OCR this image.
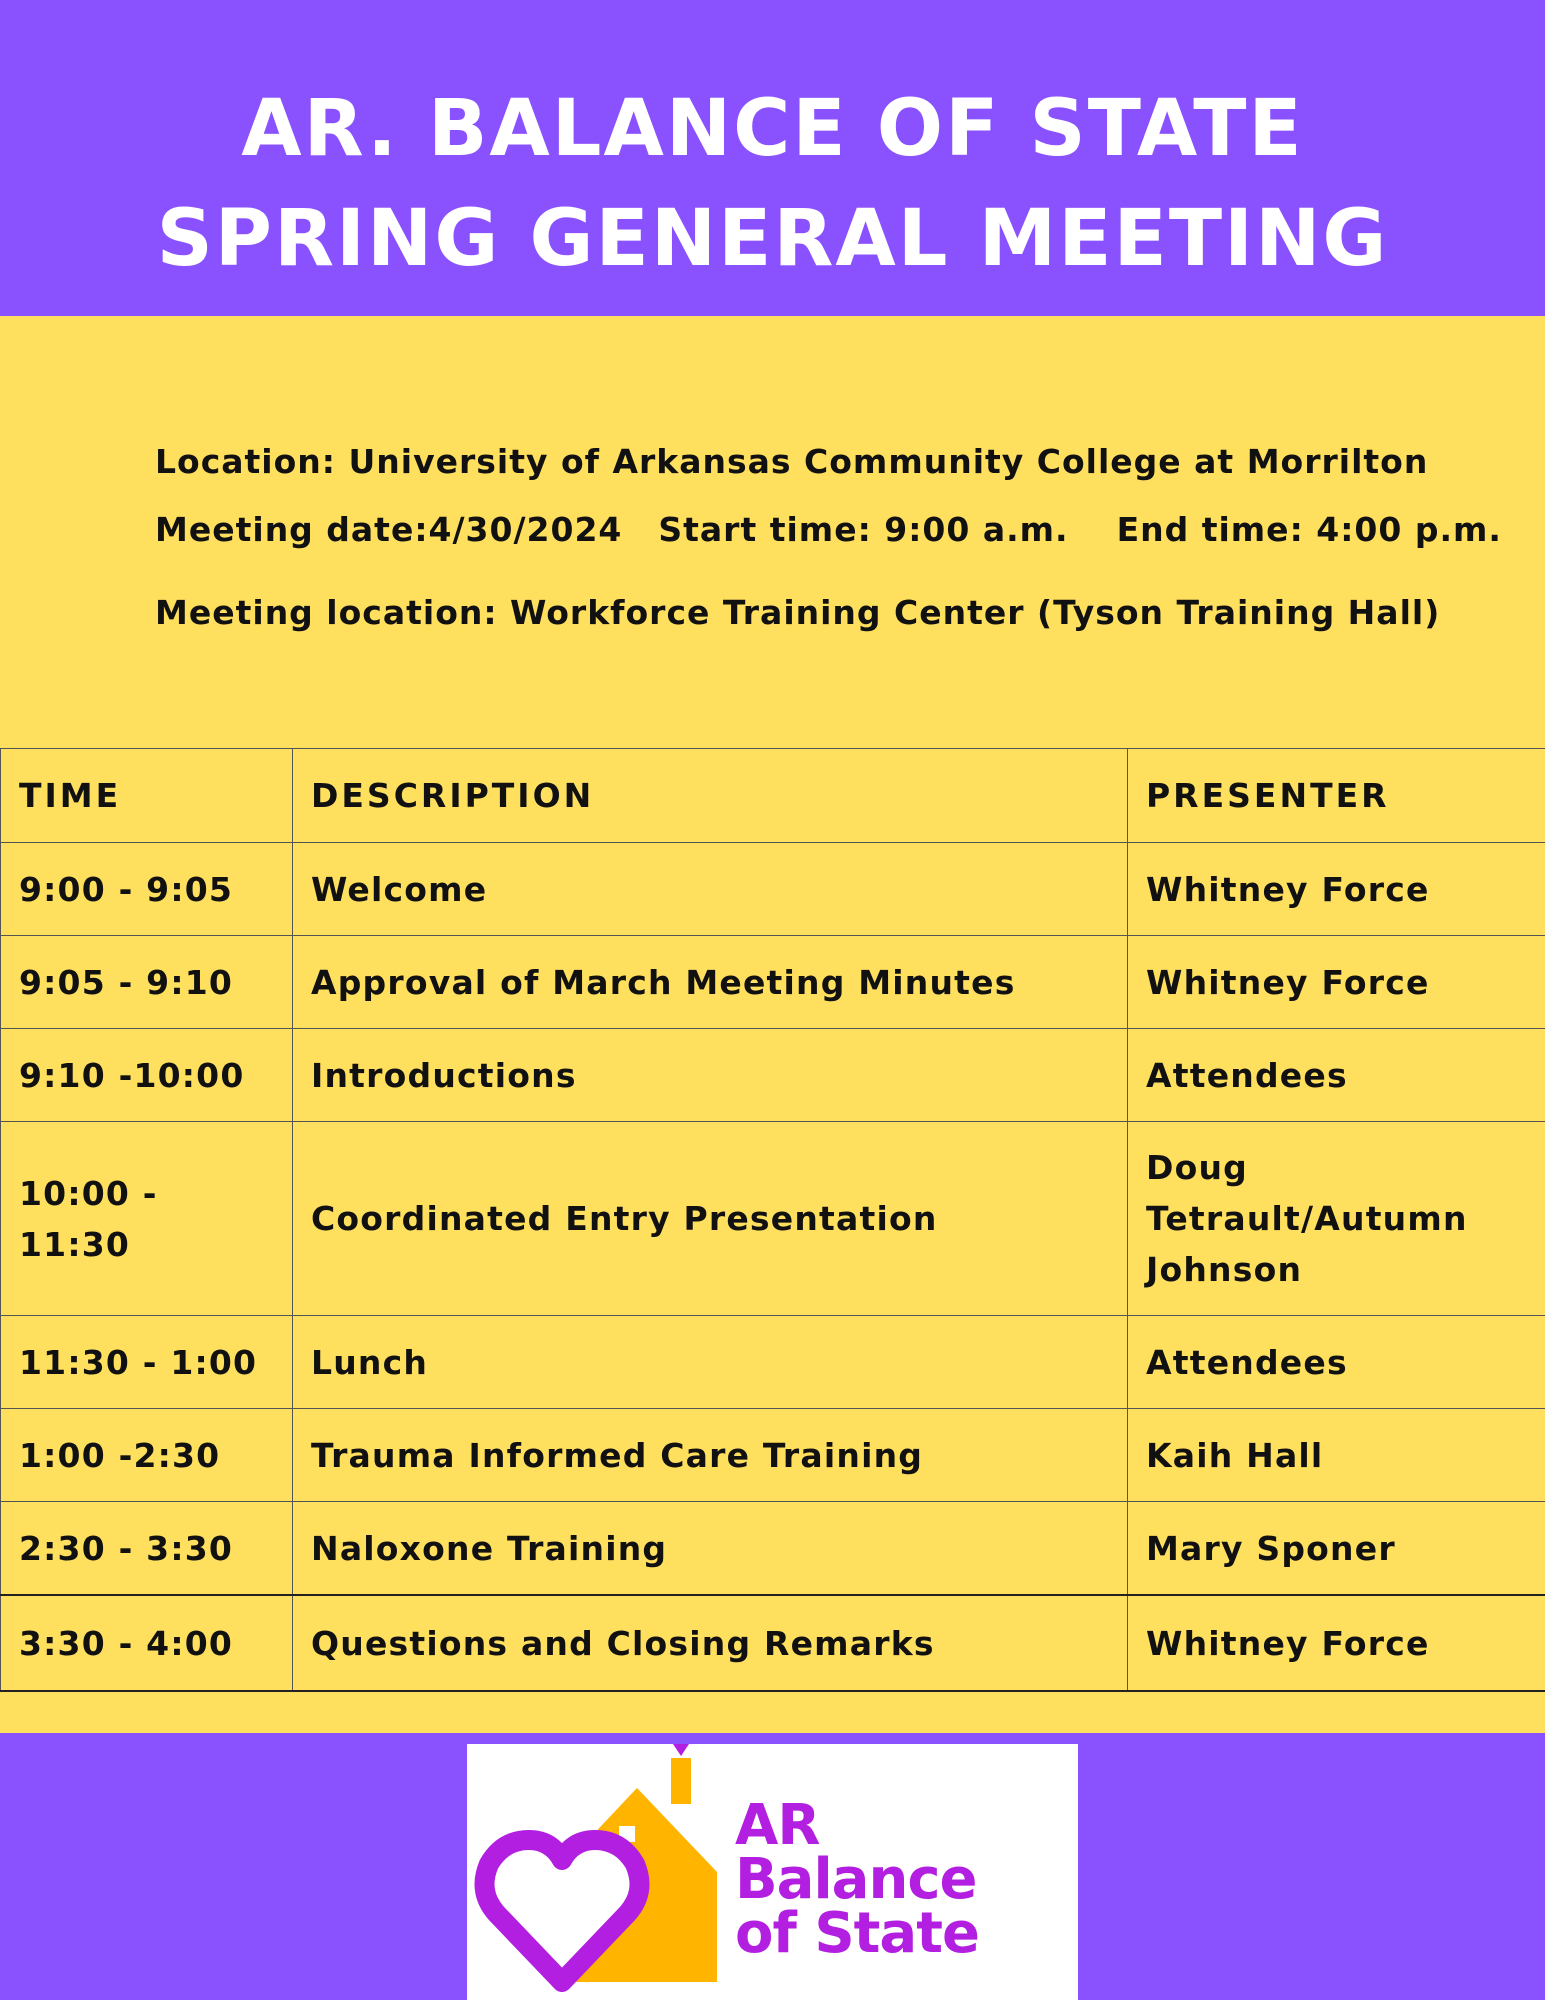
AR. BALANCE OF STATE
SPRING GENERAL MEETING
Location: University of Arkansas Community College at Morrilton
Meeting date:4/30/2024 Start time: 9:00 a.m. End time: 4:00 p.m.
Meeting location: Workforce Training Center (Tyson Training Hall)
TIME	DESCRIPTION	PRESENTER
9:00 - 9:05	Welcome	Whitney Force
9:05 - 9:10	Approval of March Meeting Minutes	Whitney Force
9:10 -10:00	Introductions	Attendees
10:00 - 11:30	Coordinated Entry Presentation	Doug Tetrault/Autumn Johnson
11:30 - 1:00	Lunch	Attendees
1:00 -2:30	Trauma Informed Care Training	Kaih Hall
2:30 - 3:30	Naloxone Training	Mary Sponer
3:30 - 4:00	Questions and Closing Remarks	Whitney Force
AR
Balance
of State
